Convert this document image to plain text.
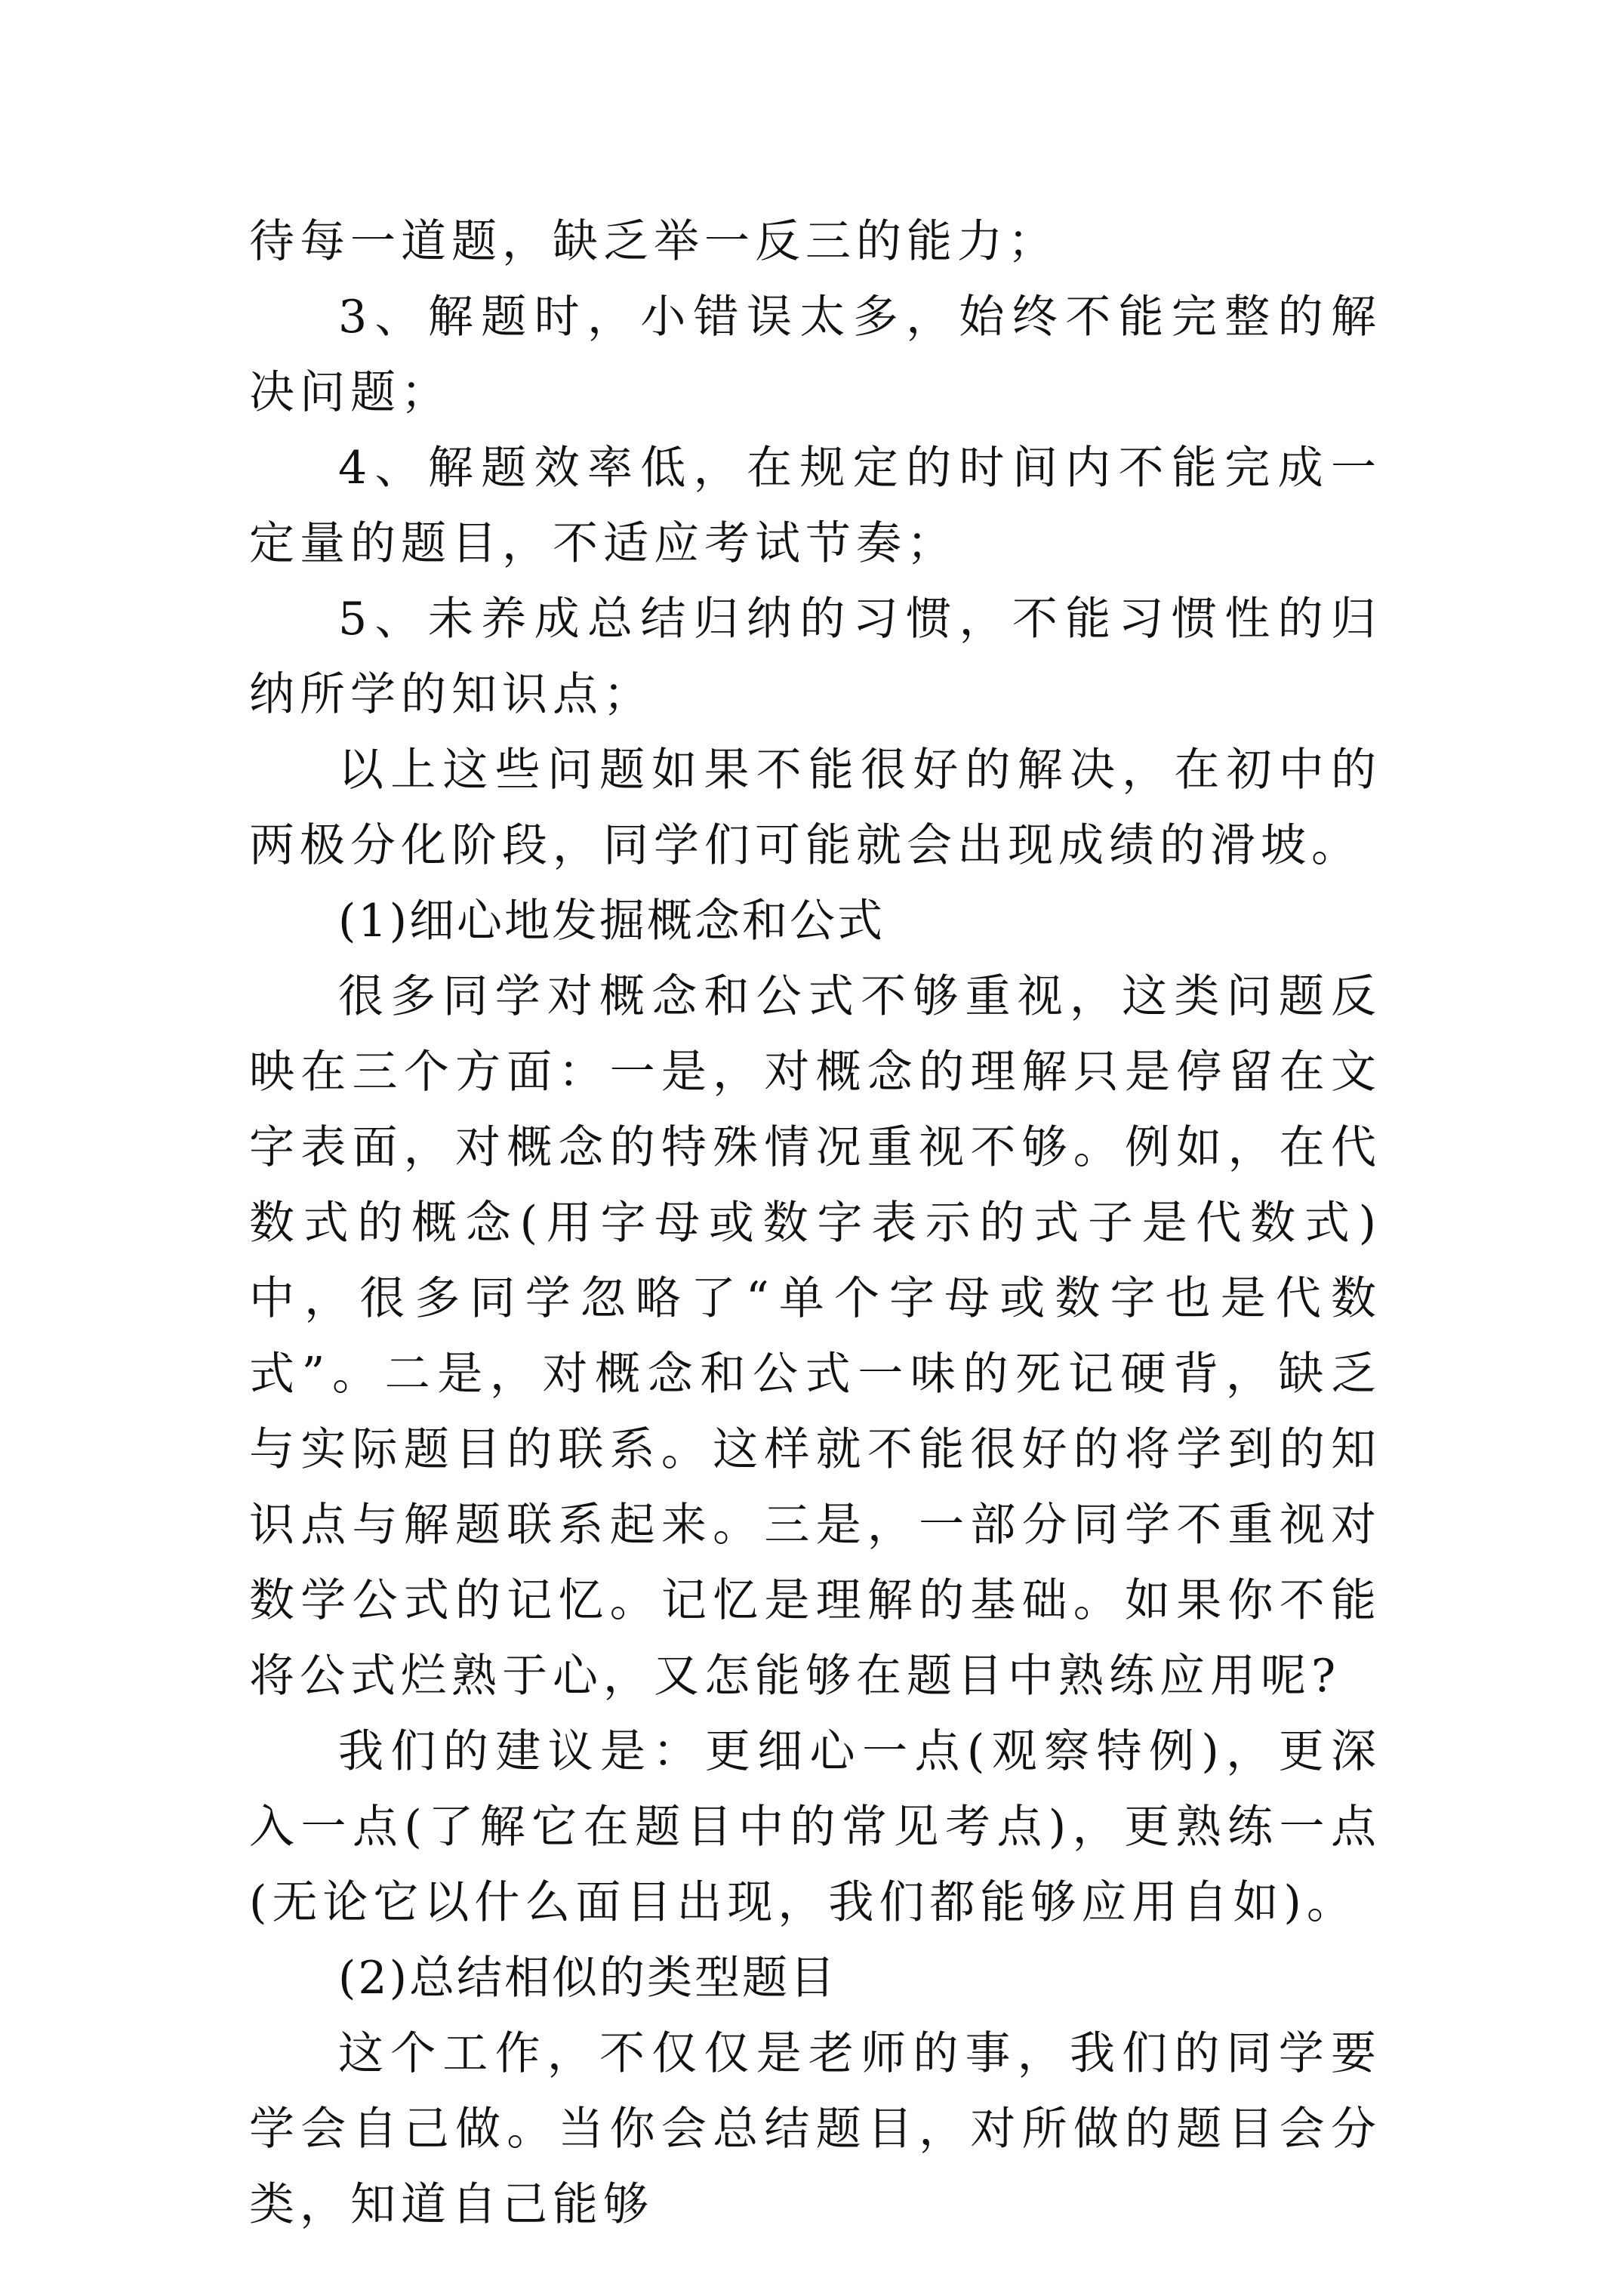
待每一道题，缺乏举一反三的能力；

3、解题时，小错误太多，始终不能完整的解决问题；

4、解题效率低，在规定的时间内不能完成一定量的题目，不适应考试节奏；

5、未养成总结归纳的习惯，不能习惯性的归纳所学的知识点；

以上这些问题如果不能很好的解决，在初中的两极分化阶段，同学们可能就会出现成绩的滑坡。

(1)细心地发掘概念和公式

很多同学对概念和公式不够重视，这类问题反映在三个方面：一是，对概念的理解只是停留在文字表面，对概念的特殊情况重视不够。例如，在代数式的概念(用字母或数字表示的式子是代数式)中，很多同学忽略了“单个字母或数字也是代数式”。二是，对概念和公式一味的死记硬背，缺乏与实际题目的联系。这样就不能很好的将学到的知识点与解题联系起来。三是，一部分同学不重视对数学公式的记忆。记忆是理解的基础。如果你不能将公式烂熟于心，又怎能够在题目中熟练应用呢?

我们的建议是：更细心一点(观察特例)，更深入一点(了解它在题目中的常见考点)，更熟练一点(无论它以什么面目出现，我们都能够应用自如)。

(2)总结相似的类型题目

这个工作，不仅仅是老师的事，我们的同学要学会自己做。当你会总结题目，对所做的题目会分类，知道自己能够
